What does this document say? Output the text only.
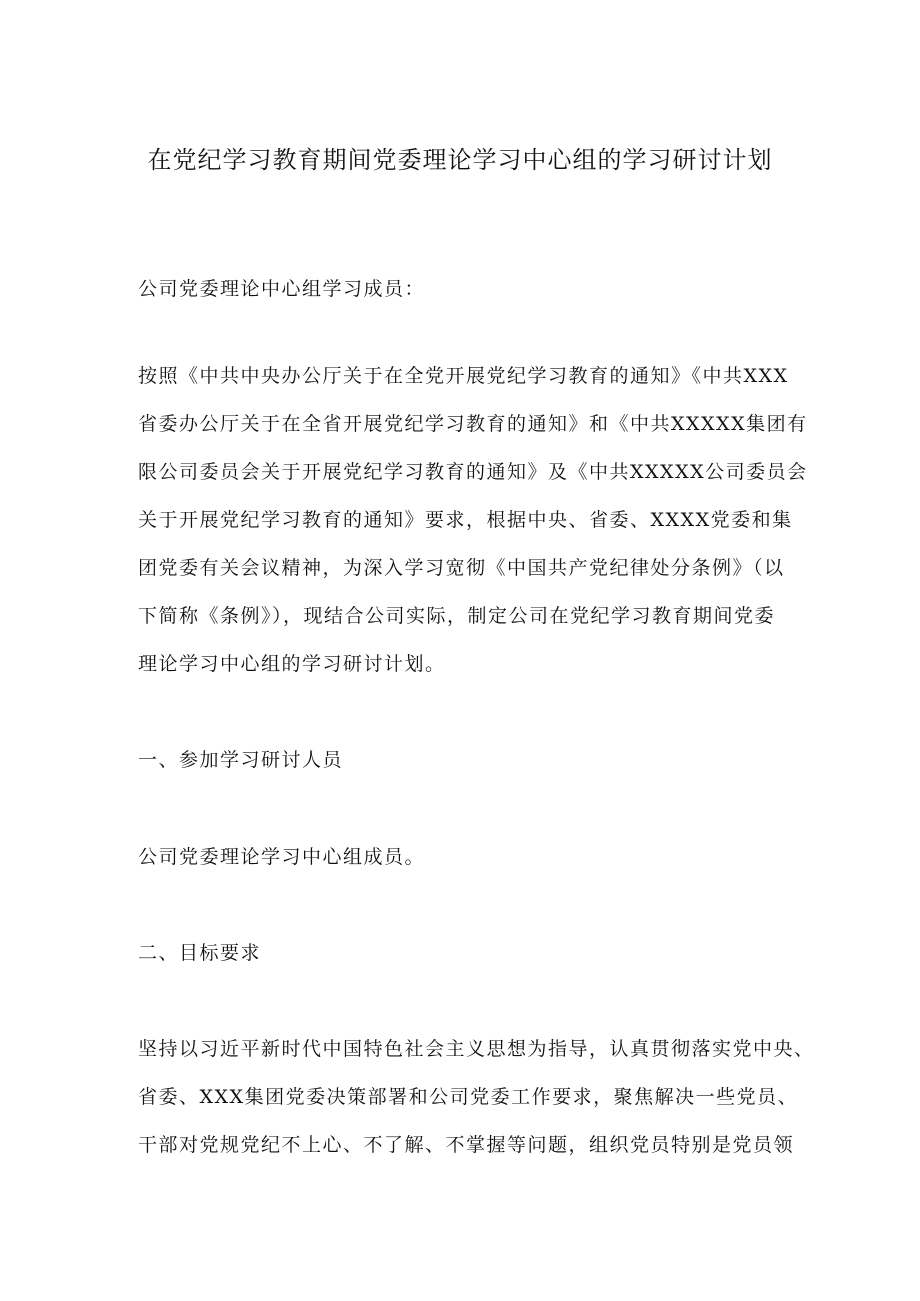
在党纪学习教育期间党委理论学习中心组的学习研讨计划

公司党委理论中心组学习成员：

按照《中共中央办公厅关于在全党开展党纪学习教育的通知》《中共XXX
省委办公厅关于在全省开展党纪学习教育的通知》和《中共XXXXX集团有
限公司委员会关于开展党纪学习教育的通知》及《中共XXXXX公司委员会
关于开展党纪学习教育的通知》要求，根据中央、省委、XXXX党委和集
团党委有关会议精神，为深入学习宽彻《中国共产党纪律处分条例》（以
下简称《条例》），现结合公司实际，制定公司在党纪学习教育期间党委
理论学习中心组的学习研讨计划。

一、参加学习研讨人员

公司党委理论学习中心组成员。

二、目标要求

坚持以习近平新时代中国特色社会主义思想为指导，认真贯彻落实党中央、
省委、XXX集团党委决策部署和公司党委工作要求，聚焦解决一些党员、
干部对党规党纪不上心、不了解、不掌握等问题，组织党员特别是党员领
